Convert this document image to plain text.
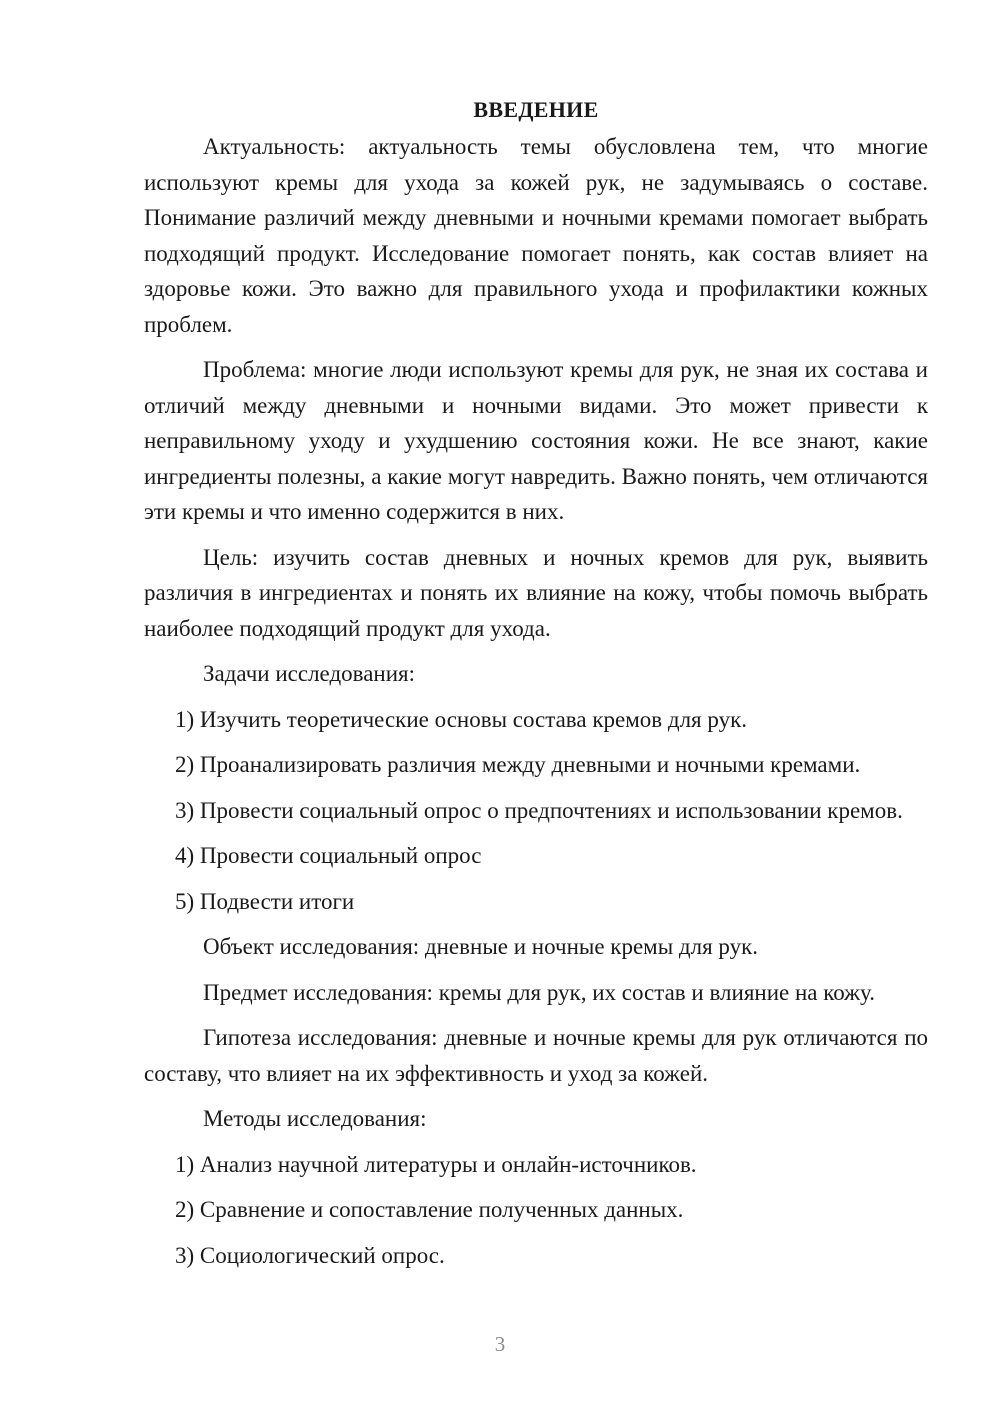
ВВЕДЕНИЕ

Актуальность: актуальность темы обусловлена тем, что многие используют кремы для ухода за кожей рук, не задумываясь о составе. Понимание различий между дневными и ночными кремами помогает выбрать подходящий продукт. Исследование помогает понять, как состав влияет на здоровье кожи. Это важно для правильного ухода и профилактики кожных проблем.

Проблема: многие люди используют кремы для рук, не зная их состава и отличий между дневными и ночными видами. Это может привести к неправильному уходу и ухудшению состояния кожи. Не все знают, какие ингредиенты полезны, а какие могут навредить. Важно понять, чем отличаются эти кремы и что именно содержится в них.

Цель: изучить состав дневных и ночных кремов для рук, выявить различия в ингредиентах и понять их влияние на кожу, чтобы помочь выбрать наиболее подходящий продукт для ухода.

Задачи исследования:

1) Изучить теоретические основы состава кремов для рук.

2) Проанализировать различия между дневными и ночными кремами.

3) Провести социальный опрос о предпочтениях и использовании кремов.

4) Провести социальный опрос

5) Подвести итоги

Объект исследования: дневные и ночные кремы для рук.

Предмет исследования: кремы для рук, их состав и влияние на кожу.

Гипотеза исследования: дневные и ночные кремы для рук отличаются по составу, что влияет на их эффективность и уход за кожей.

Методы исследования:

1) Анализ научной литературы и онлайн-источников.

2) Сравнение и сопоставление полученных данных.

3) Социологический опрос.

3
